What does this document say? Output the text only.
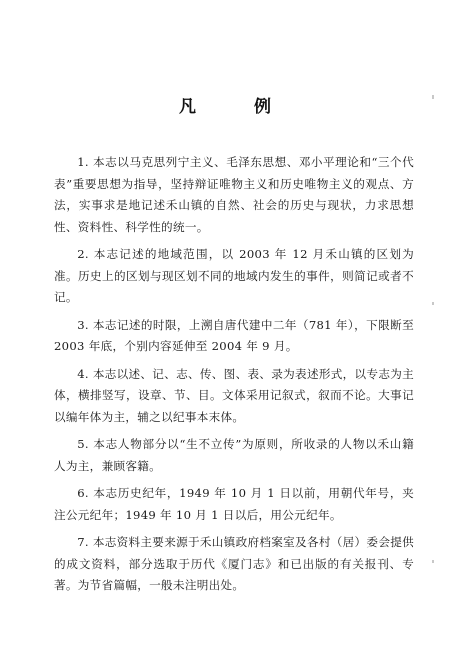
凡 例

1. 本志以马克思列宁主义、毛泽东思想、邓小平理论和“三个代表”重要思想为指导，坚持辩证唯物主义和历史唯物主义的观点、方法，实事求是地记述禾山镇的自然、社会的历史与现状，力求思想性、资料性、科学性的统一。

2. 本志记述的地域范围，以 2003 年 12 月禾山镇的区划为准。历史上的区划与现区划不同的地域内发生的事件，则简记或者不记。

3. 本志记述的时限，上溯自唐代建中二年（781 年），下限断至 2003 年底，个别内容延伸至 2004 年 9 月。

4. 本志以述、记、志、传、图、表、录为表述形式，以专志为主体，横排竖写，设章、节、目。文体采用记叙式，叙而不论。大事记以编年体为主，辅之以纪事本末体。

5. 本志人物部分以“生不立传”为原则，所收录的人物以禾山籍人为主，兼顾客籍。

6. 本志历史纪年，1949 年 10 月 1 日以前，用朝代年号，夹注公元纪年；1949 年 10 月 1 日以后，用公元纪年。

7. 本志资料主要来源于禾山镇政府档案室及各村（居）委会提供的成文资料，部分选取于历代《厦门志》和已出版的有关报刊、专著。为节省篇幅，一般未注明出处。
